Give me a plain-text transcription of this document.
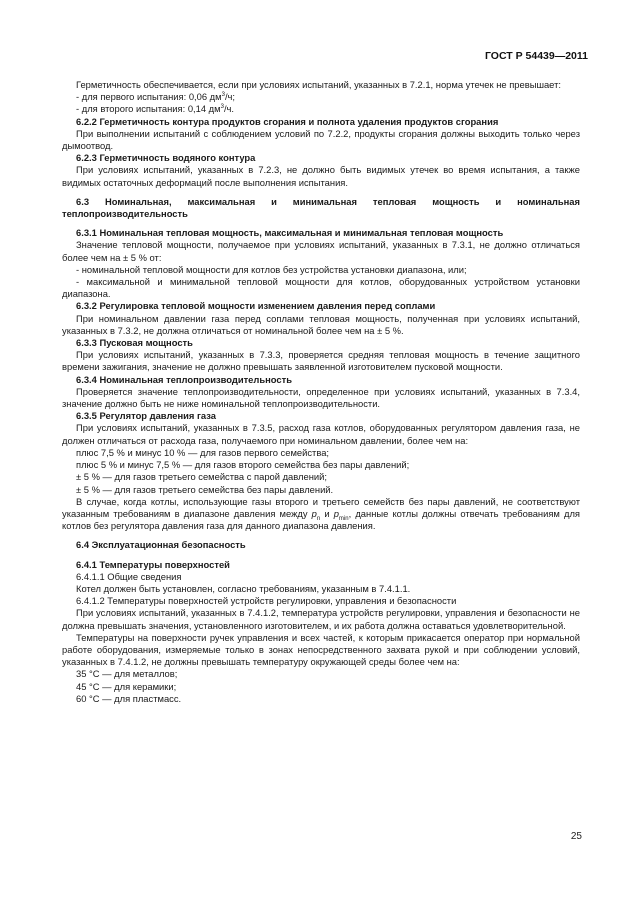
ГОСТ Р 54439—2011

Герметичность обеспечивается, если при условиях испытаний, указанных в 7.2.1, норма утечек не превышает:

- для первого испытания: 0,06 $дм^3/ч$;

- для второго испытания: 0,14 $дм^3/ч$.

6.2.2 Герметичность контура продуктов сгорания и полнота удаления продуктов сгорания

При выполнении испытаний с соблюдением условий по 7.2.2, продукты сгорания должны выходить только через дымоотвод.

6.2.3 Герметичность водяного контура

При условиях испытаний, указанных в 7.2.3, не должно быть видимых утечек во время испытания, а также видимых остаточных деформаций после выполнения испытания.

6.3 Номинальная, максимальная и минимальная тепловая мощность и номинальная теплопроизводительность

6.3.1 Номинальная тепловая мощность, максимальная и минимальная тепловая мощность

Значение тепловой мощности, получаемое при условиях испытаний, указанных в 7.3.1, не должно отличаться более чем на ± 5 % от:

- номинальной тепловой мощности для котлов без устройства установки диапазона, или;

- максимальной и минимальной тепловой мощности для котлов, оборудованных устройством установки диапазона.

6.3.2 Регулировка тепловой мощности изменением давления перед соплами

При номинальном давлении газа перед соплами тепловая мощность, полученная при условиях испытаний, указанных в 7.3.2, не должна отличаться от номинальной более чем на ± 5 %.

6.3.3 Пусковая мощность

При условиях испытаний, указанных в 7.3.3, проверяется средняя тепловая мощность в течение защитного времени зажигания, значение не должно превышать заявленной изготовителем пусковой мощности.

6.3.4 Номинальная теплопроизводительность

Проверяется значение теплопроизводительности, определенное при условиях испытаний, указанных в 7.3.4, значение должно быть не ниже номинальной теплопроизводительности.

6.3.5 Регулятор давления газа

При условиях испытаний, указанных в 7.3.5, расход газа котлов, оборудованных регулятором давления газа, не должен отличаться от расхода газа, получаемого при номинальном давлении, более чем на:

плюс 7,5 % и минус 10 % — для газов первого семейства;

плюс 5 % и минус 7,5 % — для газов второго семейства без пары давлений;

± 5 % — для газов третьего семейства с парой давлений;

± 5 % — для газов третьего семейства без пары давлений.

В случае, когда котлы, использующие газы второго и третьего семейств без пары давлений, не соответствуют указанным требованиям в диапазоне давления между $p_n$ и $p_{min}$, данные котлы должны отвечать требованиям для котлов без регулятора давления газа для данного диапазона давления.

6.4 Эксплуатационная безопасность

6.4.1 Температуры поверхностей

6.4.1.1 Общие сведения

Котел должен быть установлен, согласно требованиям, указанным в 7.4.1.1.

6.4.1.2 Температуры поверхностей устройств регулировки, управления и безопасности

При условиях испытаний, указанных в 7.4.1.2, температура устройств регулировки, управления и безопасности не должна превышать значения, установленного изготовителем, и их работа должна оставаться удовлетворительной.

Температуры на поверхности ручек управления и всех частей, к которым прикасается оператор при нормальной работе оборудования, измеряемые только в зонах непосредственного захвата рукой и при соблюдении условий, указанных в 7.4.1.2, не должны превышать температуру окружающей среды более чем на:

35 °С — для металлов;

45 °С — для керамики;

60 °С — для пластмасс.

25
